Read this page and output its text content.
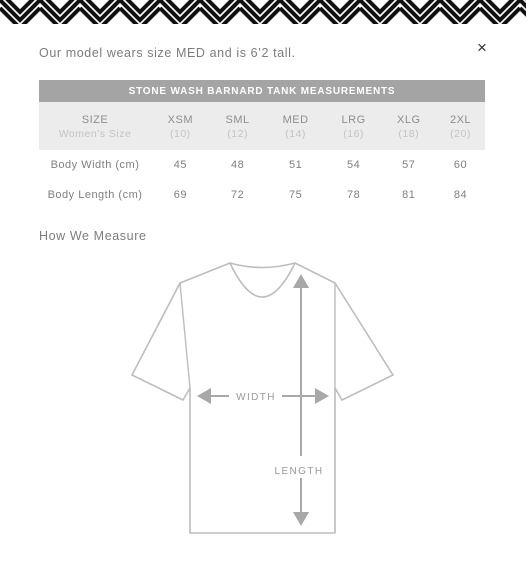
Our model wears size MED and is 6’2 tall.	×
STONE WASH BARNARD TANK MEASUREMENTS						
SIZE	XSM	SML	MED	LRG	XLG	2XL
Women's Size	(10)	(12)	(14)	(16)	(18)	(20)
Body Width (cm)	45	48	51	54	57	60
Body Length (cm)	69	72	75	78	81	84
How We Measure
WIDTH
LENGTH
